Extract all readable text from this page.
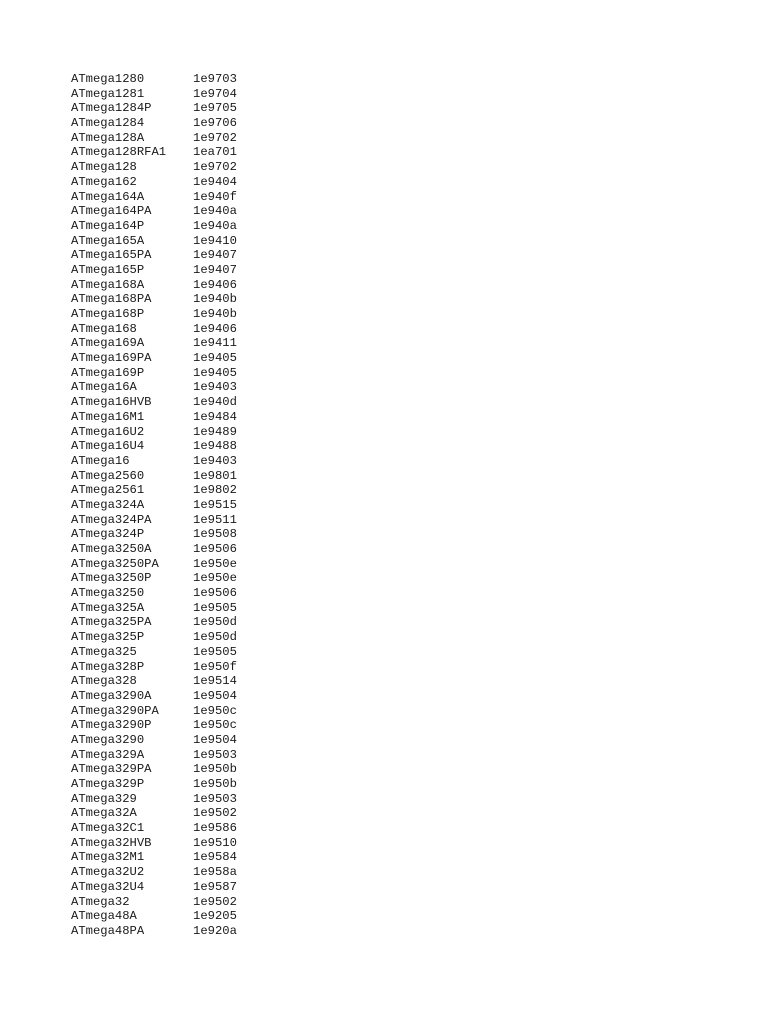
ATmega1280	1e9703
ATmega1281	1e9704
ATmega1284P	1e9705
ATmega1284	1e9706
ATmega128A	1e9702
ATmega128RFA1	1ea701
ATmega128	1e9702
ATmega162	1e9404
ATmega164A	1e940f
ATmega164PA	1e940a
ATmega164P	1e940a
ATmega165A	1e9410
ATmega165PA	1e9407
ATmega165P	1e9407
ATmega168A	1e9406
ATmega168PA	1e940b
ATmega168P	1e940b
ATmega168	1e9406
ATmega169A	1e9411
ATmega169PA	1e9405
ATmega169P	1e9405
ATmega16A	1e9403
ATmega16HVB	1e940d
ATmega16M1	1e9484
ATmega16U2	1e9489
ATmega16U4	1e9488
ATmega16	1e9403
ATmega2560	1e9801
ATmega2561	1e9802
ATmega324A	1e9515
ATmega324PA	1e9511
ATmega324P	1e9508
ATmega3250A	1e9506
ATmega3250PA	1e950e
ATmega3250P	1e950e
ATmega3250	1e9506
ATmega325A	1e9505
ATmega325PA	1e950d
ATmega325P	1e950d
ATmega325	1e9505
ATmega328P	1e950f
ATmega328	1e9514
ATmega3290A	1e9504
ATmega3290PA	1e950c
ATmega3290P	1e950c
ATmega3290	1e9504
ATmega329A	1e9503
ATmega329PA	1e950b
ATmega329P	1e950b
ATmega329	1e9503
ATmega32A	1e9502
ATmega32C1	1e9586
ATmega32HVB	1e9510
ATmega32M1	1e9584
ATmega32U2	1e958a
ATmega32U4	1e9587
ATmega32	1e9502
ATmega48A	1e9205
ATmega48PA	1e920a
